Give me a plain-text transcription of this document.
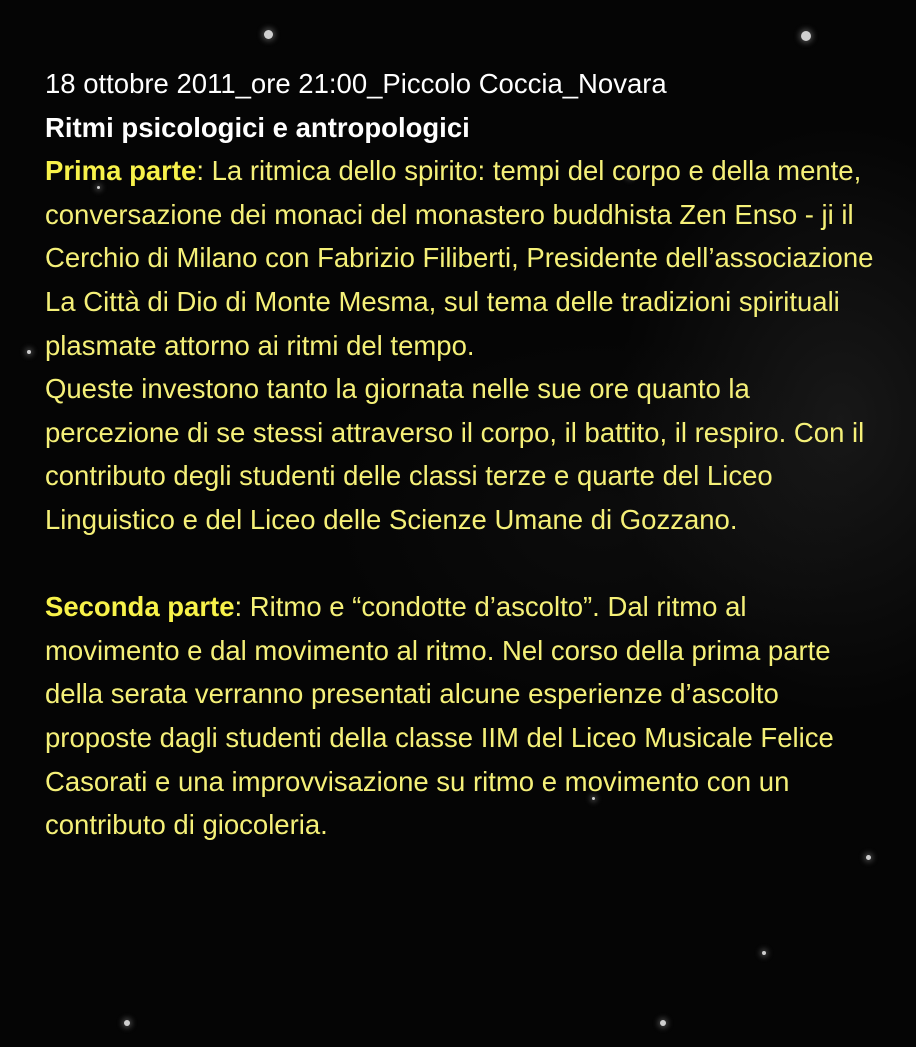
18 ottobre 2011_ore 21:00_Piccolo Coccia_Novara

Ritmi psicologici e antropologici

Prima parte: La ritmica dello spirito: tempi del corpo e della mente, conversazione dei monaci del monastero buddhista Zen Enso - ji il Cerchio di Milano con Fabrizio Filiberti, Presidente dell’associazione La Città di Dio di Monte Mesma, sul tema delle tradizioni spirituali plasmate attorno ai ritmi del tempo.

Queste investono tanto la giornata nelle sue ore quanto la percezione di se stessi attraverso il corpo, il battito, il respiro. Con il contributo degli studenti delle classi terze e quarte del Liceo Linguistico e del Liceo delle Scienze Umane di Gozzano.

Seconda parte: Ritmo e “condotte d’ascolto”. Dal ritmo al movimento e dal movimento al ritmo. Nel corso della prima parte della serata verranno presentati alcune esperienze d’ascolto proposte dagli studenti della classe IIM del Liceo Musicale Felice Casorati e una improvvisazione su ritmo e movimento con un contributo di giocoleria.
